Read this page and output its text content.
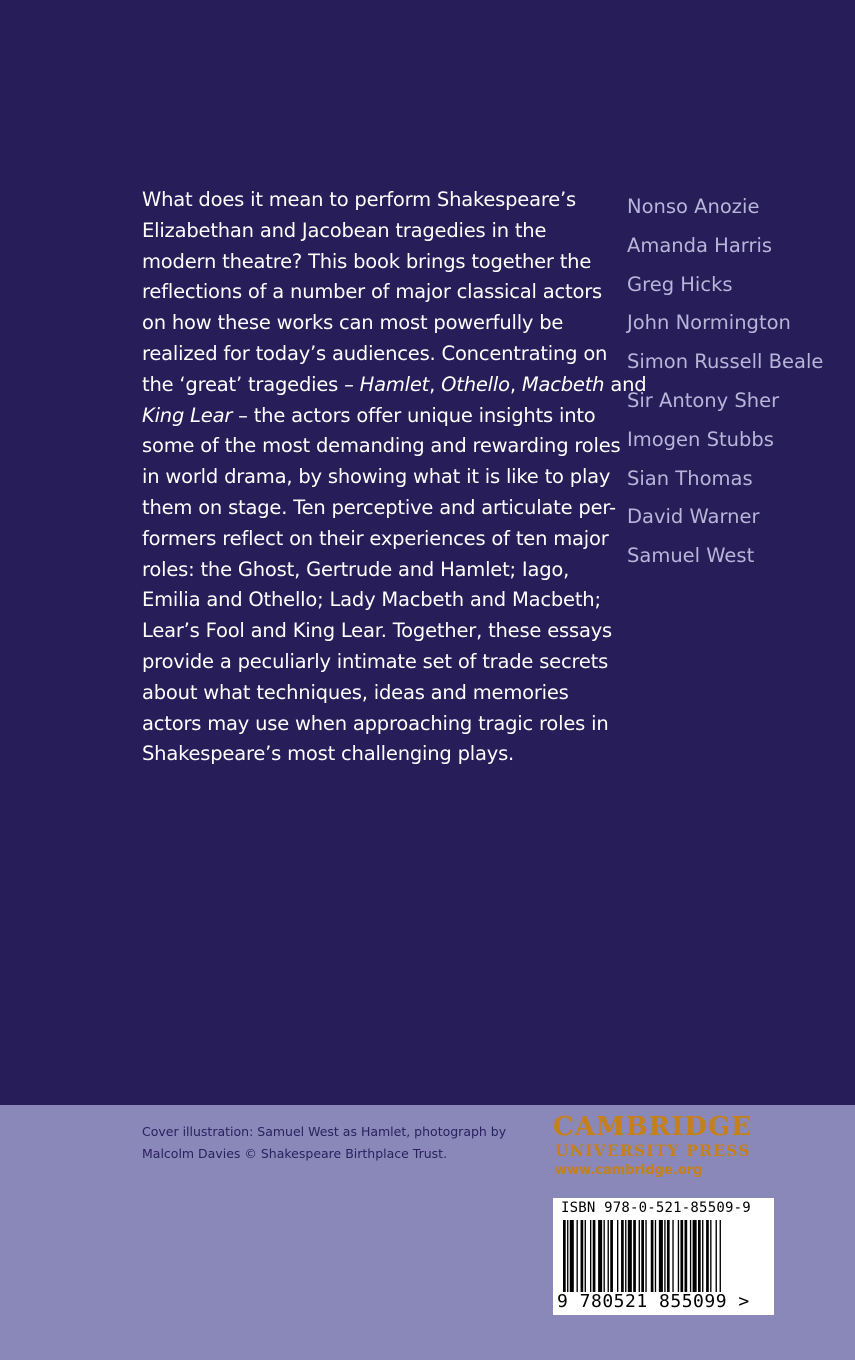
What does it mean to perform Shakespeare’s
Elizabethan and Jacobean tragedies in the
modern theatre? This book brings together the
reflections of a number of major classical actors
on how these works can most powerfully be
realized for today’s audiences. Concentrating on
the ‘great’ tragedies – Hamlet, Othello, Macbeth and
King Lear – the actors offer unique insights into
some of the most demanding and rewarding roles
in world drama, by showing what it is like to play
them on stage. Ten perceptive and articulate per-
formers reflect on their experiences of ten major
roles: the Ghost, Gertrude and Hamlet; Iago,
Emilia and Othello; Lady Macbeth and Macbeth;
Lear’s Fool and King Lear. Together, these essays
provide a peculiarly intimate set of trade secrets
about what techniques, ideas and memories
actors may use when approaching tragic roles in
Shakespeare’s most challenging plays.
Nonso Anozie
Amanda Harris
Greg Hicks
John Normington
Simon Russell Beale
Sir Antony Sher
Imogen Stubbs
Sian Thomas
David Warner
Samuel West
Cover illustration: Samuel West as Hamlet, photograph by
Malcolm Davies © Shakespeare Birthplace Trust.
CAMBRIDGE
UNIVERSITY PRESS
www.cambridge.org
ISBN 978-0-521-85509-9
9 780521 855099 >
